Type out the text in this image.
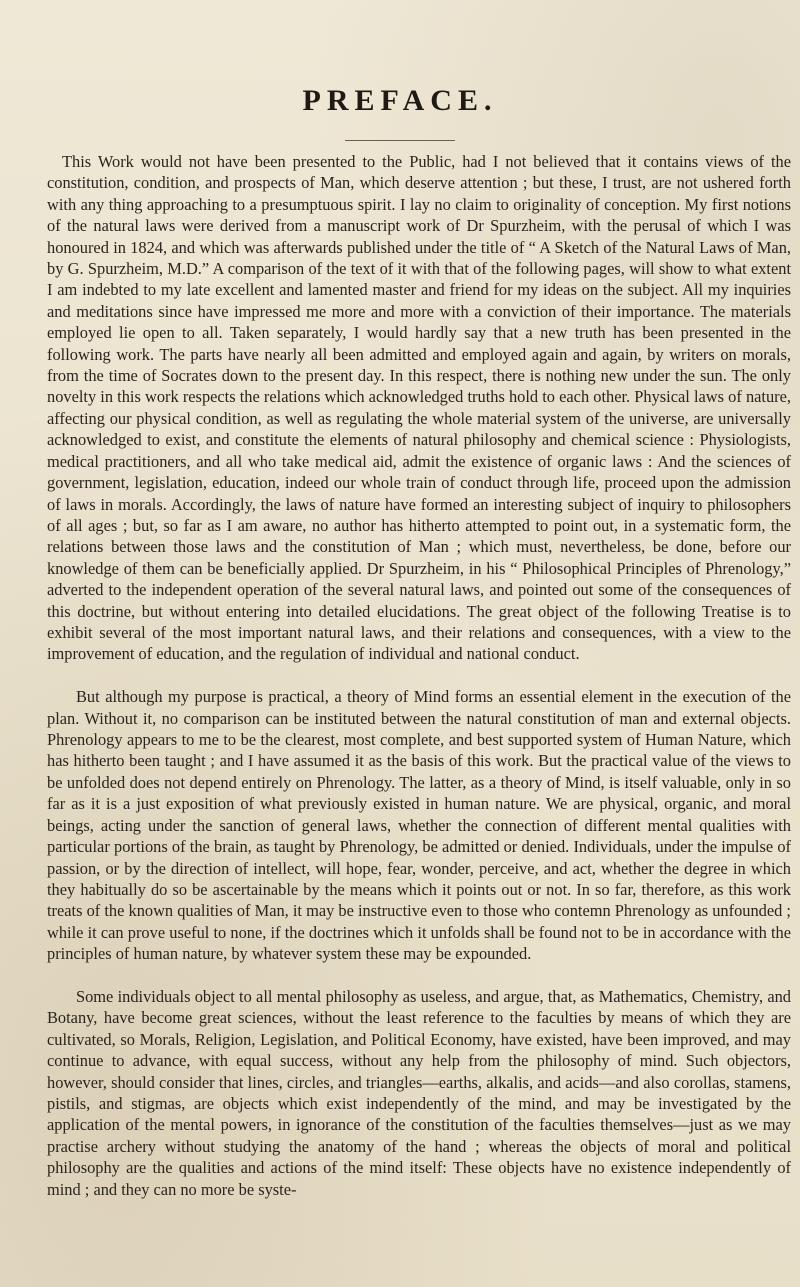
PREFACE.

This Work would not have been presented to the Public, had I not believed that it contains views of the constitution, condition, and prospects of Man, which deserve attention ; but these, I trust, are not ushered forth with any thing approaching to a presumptuous spirit. I lay no claim to originality of conception. My first notions of the natural laws were derived from a manuscript work of Dr Spurzheim, with the perusal of which I was honoured in 1824, and which was afterwards published under the title of “ A Sketch of the Natural Laws of Man, by G. Spurzheim, M.D.” A comparison of the text of it with that of the following pages, will show to what extent I am indebted to my late excellent and lamented master and friend for my ideas on the subject. All my inquiries and meditations since have impressed me more and more with a conviction of their importance. The materials employed lie open to all. Taken separately, I would hardly say that a new truth has been presented in the following work. The parts have nearly all been admitted and employed again and again, by writers on morals, from the time of Socrates down to the present day. In this respect, there is nothing new under the sun. The only novelty in this work respects the relations which acknowledged truths hold to each other. Physical laws of nature, affecting our physical condition, as well as regulating the whole material system of the universe, are universally acknowledged to exist, and constitute the elements of natural philosophy and chemical science : Physiologists, medical practitioners, and all who take medical aid, admit the existence of organic laws : And the sciences of government, legislation, education, indeed our whole train of conduct through life, proceed upon the admission of laws in morals. Accordingly, the laws of nature have formed an interesting subject of inquiry to philosophers of all ages ; but, so far as I am aware, no author has hitherto attempted to point out, in a systematic form, the relations between those laws and the constitution of Man ; which must, nevertheless, be done, before our knowledge of them can be beneficially applied. Dr Spurzheim, in his “ Philosophical Principles of Phrenology,” adverted to the independent operation of the several natural laws, and pointed out some of the consequences of this doctrine, but without entering into detailed elucidations. The great object of the following Treatise is to exhibit several of the most important natural laws, and their relations and consequences, with a view to the improvement of education, and the regulation of individual and national conduct.

But although my purpose is practical, a theory of Mind forms an essential element in the execution of the plan. Without it, no comparison can be instituted between the natural constitution of man and external objects. Phrenology appears to me to be the clearest, most complete, and best supported system of Human Nature, which has hitherto been taught ; and I have assumed it as the basis of this work. But the practical value of the views to be unfolded does not depend entirely on Phrenology. The latter, as a theory of Mind, is itself valuable, only in so far as it is a just exposition of what previously existed in human nature. We are physical, organic, and moral beings, acting under the sanction of general laws, whether the connection of different mental qualities with particular portions of the brain, as taught by Phrenology, be admitted or denied. Individuals, under the impulse of passion, or by the direction of intellect, will hope, fear, wonder, perceive, and act, whether the degree in which they habitually do so be ascertainable by the means which it points out or not. In so far, therefore, as this work treats of the known qualities of Man, it may be instructive even to those who contemn Phrenology as unfounded ; while it can prove useful to none, if the doctrines which it unfolds shall be found not to be in accordance with the principles of human nature, by whatever system these may be expounded.

Some individuals object to all mental philosophy as useless, and argue, that, as Mathematics, Chemistry, and Botany, have become great sciences, without the least reference to the faculties by means of which they are cultivated, so Morals, Religion, Legislation, and Political Economy, have existed, have been improved, and may continue to advance, with equal success, without any help from the philosophy of mind. Such objectors, however, should consider that lines, circles, and triangles—earths, alkalis, and acids—and also corollas, stamens, pistils, and stigmas, are objects which exist independently of the mind, and may be investigated by the application of the mental powers, in ignorance of the constitution of the faculties themselves—just as we may practise archery without studying the anatomy of the hand ; whereas the objects of moral and political philosophy are the qualities and actions of the mind itself: These objects have no existence independently of mind ; and they can no more be syste-
